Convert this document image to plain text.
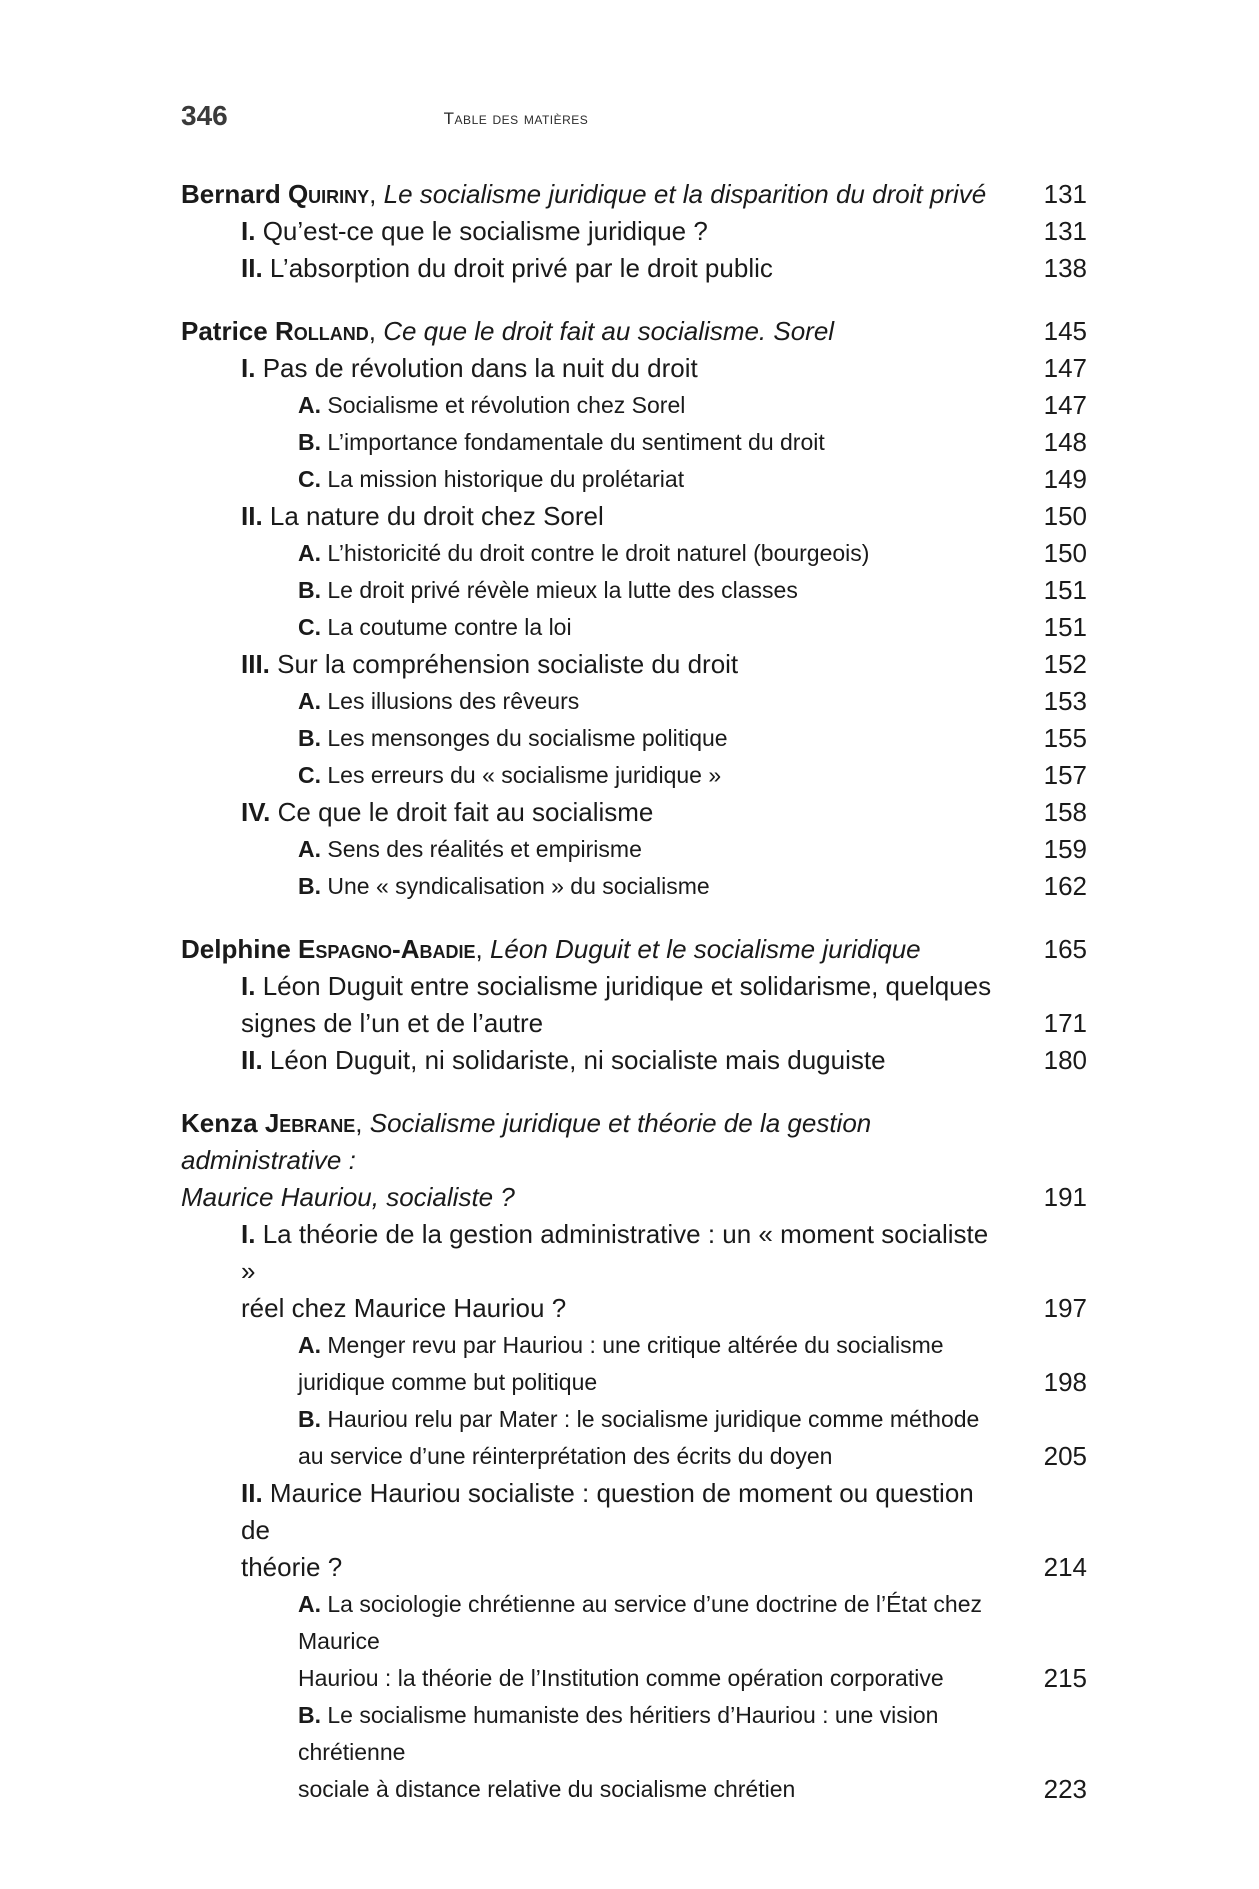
346	Table des matières
Bernard Quiriny, Le socialisme juridique et la disparition du droit privé	131
I. Qu’est-ce que le socialisme juridique ?	131
II. L’absorption du droit privé par le droit public	138
Patrice Rolland, Ce que le droit fait au socialisme. Sorel	145
I. Pas de révolution dans la nuit du droit	147
A. Socialisme et révolution chez Sorel	147
B. L’importance fondamentale du sentiment du droit	148
C. La mission historique du prolétariat	149
II. La nature du droit chez Sorel	150
A. L’historicité du droit contre le droit naturel (bourgeois)	150
B. Le droit privé révèle mieux la lutte des classes	151
C. La coutume contre la loi	151
III. Sur la compréhension socialiste du droit	152
A. Les illusions des rêveurs	153
B. Les mensonges du socialisme politique	155
C. Les erreurs du « socialisme juridique »	157
IV. Ce que le droit fait au socialisme	158
A. Sens des réalités et empirisme	159
B. Une « syndicalisation » du socialisme	162
Delphine Espagno-Abadie, Léon Duguit et le socialisme juridique	165
I. Léon Duguit entre socialisme juridique et solidarisme, quelques
signes de l’un et de l’autre	171
II. Léon Duguit, ni solidariste, ni socialiste mais duguiste	180
Kenza Jebrane, Socialisme juridique et théorie de la gestion administrative :
Maurice Hauriou, socialiste ?	191
I. La théorie de la gestion administrative : un « moment socialiste »
réel chez Maurice Hauriou ?	197
A. Menger revu par Hauriou : une critique altérée du socialisme
juridique comme but politique	198
B. Hauriou relu par Mater : le socialisme juridique comme méthode
au service d’une réinterprétation des écrits du doyen	205
II. Maurice Hauriou socialiste : question de moment ou question de
théorie ?	214
A. La sociologie chrétienne au service d’une doctrine de l’État chez Maurice
Hauriou : la théorie de l’Institution comme opération corporative	215
B. Le socialisme humaniste des héritiers d’Hauriou : une vision chrétienne
sociale à distance relative du socialisme chrétien	223
